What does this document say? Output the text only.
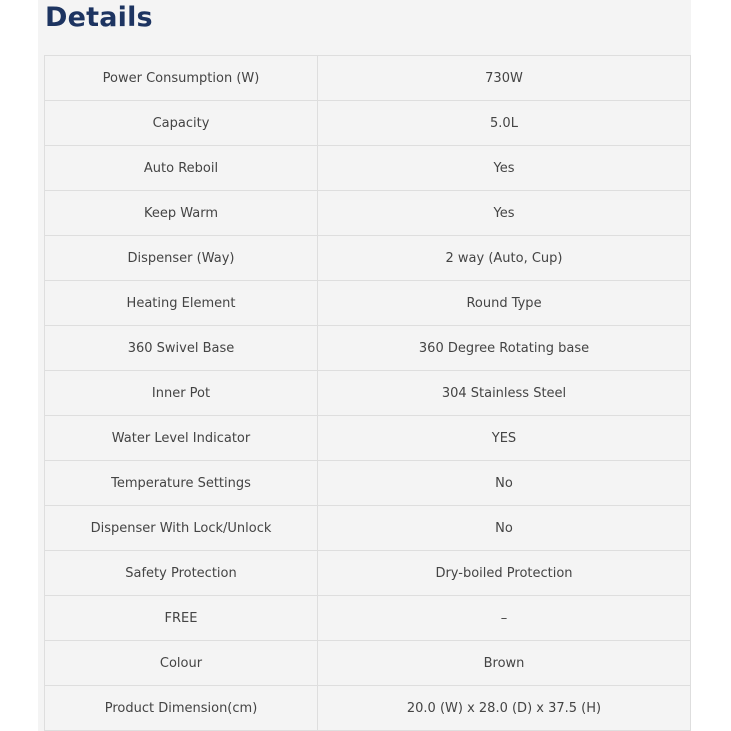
Details
Power Consumption (W)	730W
Capacity	5.0L
Auto Reboil	Yes
Keep Warm	Yes
Dispenser (Way)	2 way (Auto, Cup)
Heating Element	Round Type
360 Swivel Base	360 Degree Rotating base
Inner Pot	304 Stainless Steel
Water Level Indicator	YES
Temperature Settings	No
Dispenser With Lock/Unlock	No
Safety Protection	Dry-boiled Protection
FREE	–
Colour	Brown
Product Dimension(cm)	20.0 (W) x 28.0 (D) x 37.5 (H)
